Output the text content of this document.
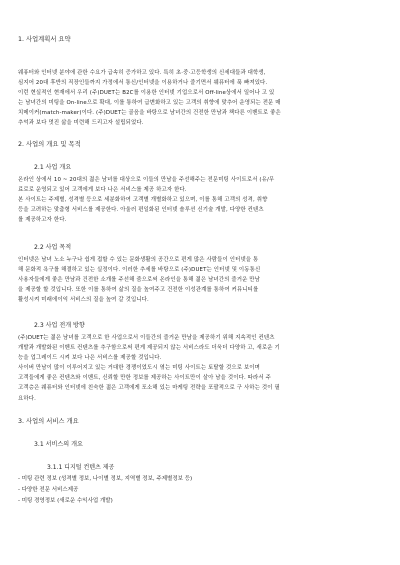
1. 사업계획서 요약
웨퓨터와 인터넷 분야에 관한 수요가 급속히 증가하고 있다. 특히 초·중·고등학생의 신세대들과 대학생,
심지어 20대 후반의 직장인들까지 가정에서 통신/인터넷을 이용하거나 즐기면서 웨퓨터에 푹 빠져있다.
이런 현실적인 현재에서 우리 (주)DUET는 B2C를 이용한 인터넷 기업으로서 Off-line상에서 일어나 고 있
는 남녀간의 미팅을 On-line으로 확대, 이를 통하여 급변화하고 있는 고객의 취향에 맞추어 운영되는 전문 매
치메이커(match-maker)이다. (주)DUET는 골음을 바탕으로 남녀간의 건전한 만남과 책다른 이벤트로 좋은
추억과 보다 멋진 삶을 미련해 드리고자 설립되었다.
2. 사업의 개요 및 목적
2.1 사업 개요
온라인 상에서 10 ~ 20대의 젊은 남녀를 대상으로 이들의 만남을 주선해주는 전문미팅 사이트로서 (유/무
료로로 운영되고 있어 고객에게 보다 나은 서비스를 제공 하고자 한다.
본 사이트는 주제별, 성격별 등으로 세분화하여 고객별 개별화하고 있으며, 이를 통해 고객의 성격, 취향
등을 고려하는 맞춤형 서비스를 제공한다. 아울러 편일화된 인터넷 솔루션 신기술 개발, 다양한 컨텐츠
를 제공하고자 한다.
2.2 사업 목적
인터넷은 남녀 노소 누구나 쉽게 접할 수 있는 문화생활의 공간으로 편게 많은 사람들이 인터넷을 통
해 문화적 욕구를 해결하고 있는 실정이다. 이러한 추세를 바탕으로 (주)DUET는 인터넷 및 이동통신
사용자들에게 좋은 만남과 건전한 소개를 주선해 줌으로써 온라인을 통해 젊은 남녀간의 즐거운 만남
을 제공할 할 것입니다. 또한 이를 통하여 삶의 질을 높여주고 건전한 이성관계를 통하여 커뮤니티를
활성시켜 미래에이익 서비스의 질을 높여 갈 것입니다.
2.3 사업 전개 방향
(주)DUET는 젊은 남녀를 고객으로 한 사업으로서 이들간의 즐거운 만남을 제공하기 위해 지속적인 컨텐츠
개발과 개발화된 이벤트 컨텐츠를 추구함으로써 편게 제공되지 않는 서비스라도 더욱더 다양하 고, 새로운 기
능을 업그레이드 시켜 보다 나은 서비스를 제공할 것입니다.
사이버 만남이 많이 이루어지고 있는 거대한 경쟁이었도시 엮는 미팅 사이트는 토탈할 것으로 보이며
고객들에게 좋은 컨텐츠와 이벤트, 신뢰할 만한 정보를 제공하는 사이트만이 살아 남을 것이다. 따라서 주
고객층은 웨퓨터와 인터넷에 친숙한 젊은 고객에게 포소해 있는 마케팅 전략을 포괄적으로 구 사하는 것이 필
요하다.
3. 사업의 서비스 개요
3.1 서비스의 개요
3.1.1 디지털 컨텐츠 제공
- 미팅 관련 정보 (성격별 정보, 나이별 정보, 지역별 정보, 주제별정보 등)
- 다양한 전문 서비스제공
- 미팅 경영정보 (새로운 수익사업 개발)
